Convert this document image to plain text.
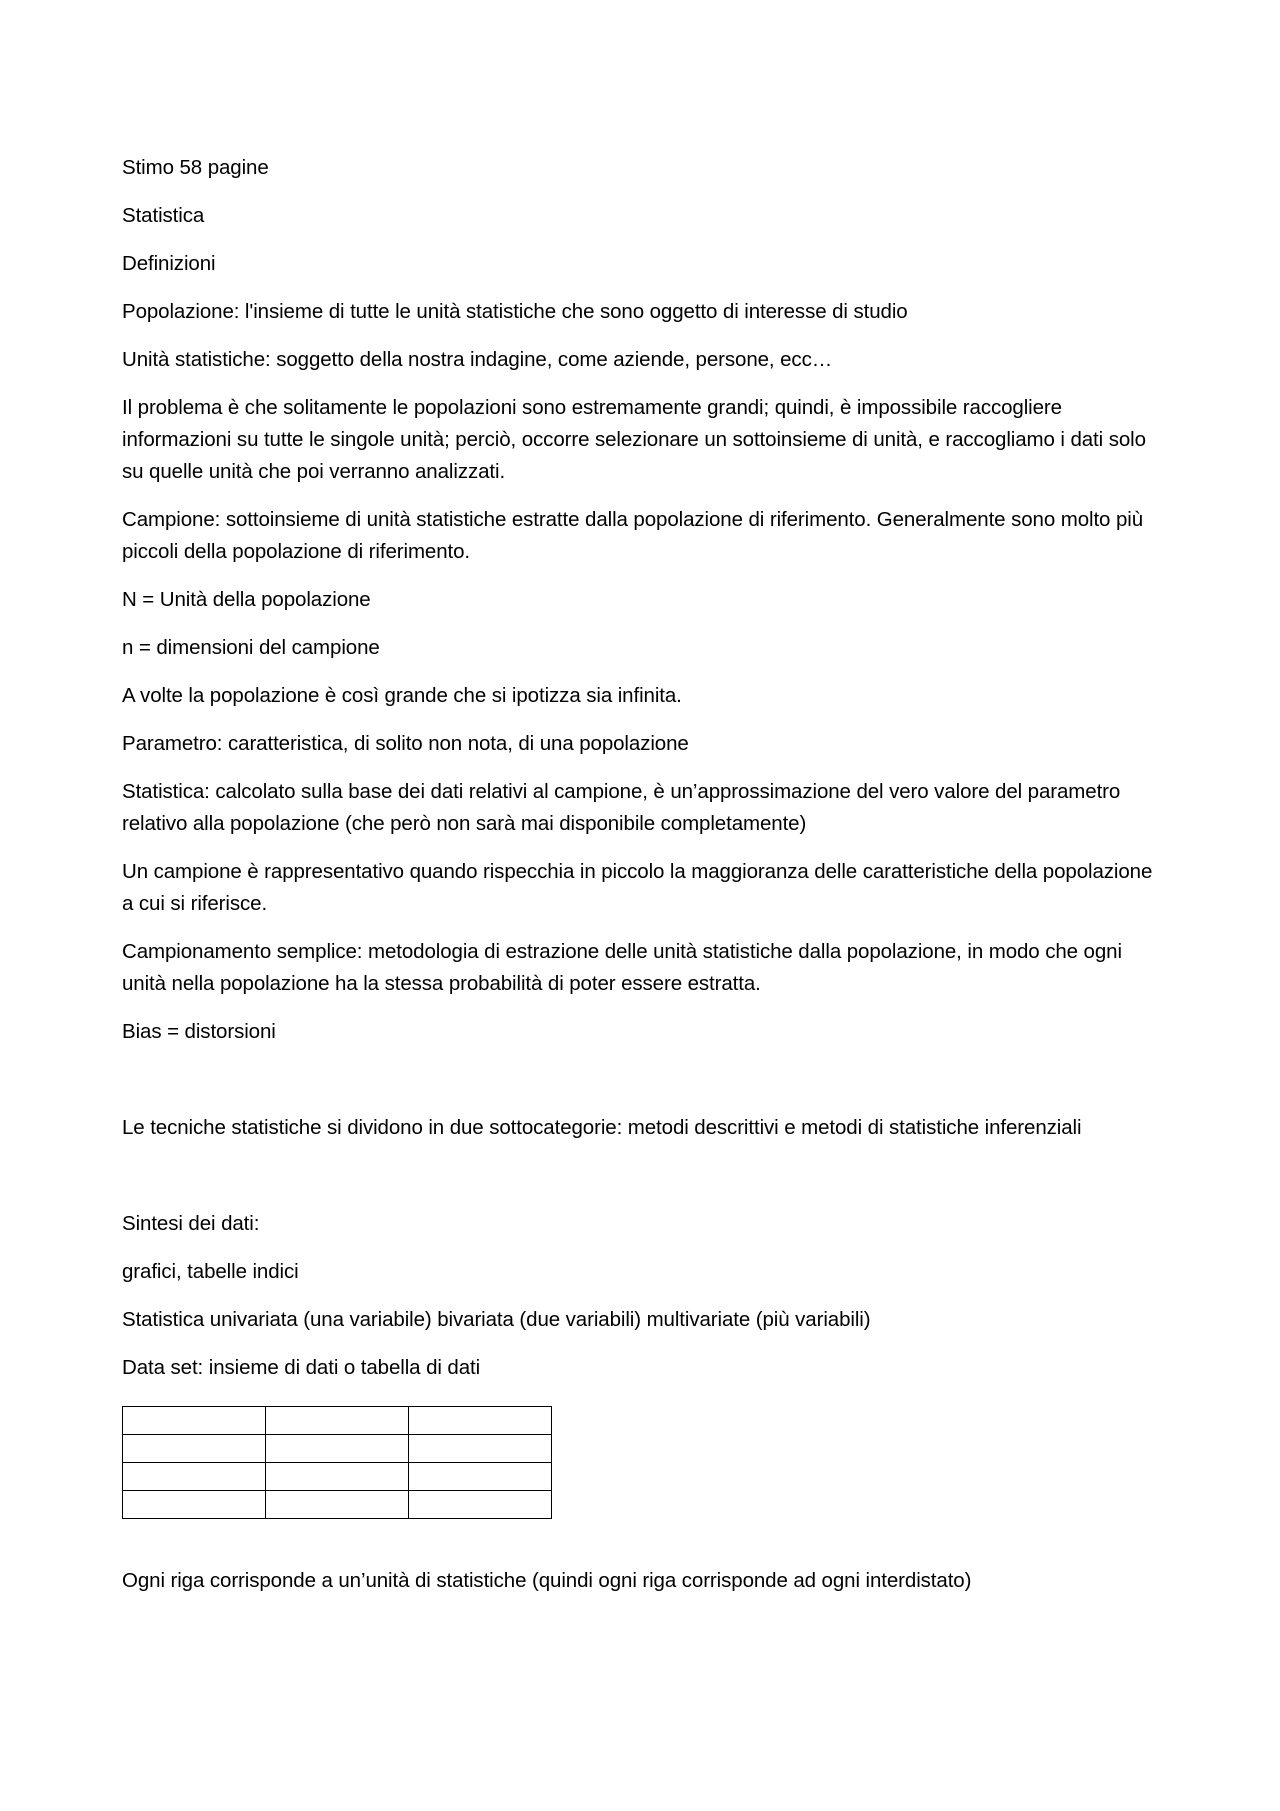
Stimo 58 pagine

Statistica

Definizioni

Popolazione: l'insieme di tutte le unità statistiche che sono oggetto di interesse di studio

Unità statistiche: soggetto della nostra indagine, come aziende, persone, ecc…

Il problema è che solitamente le popolazioni sono estremamente grandi; quindi, è impossibile raccogliere informazioni su tutte le singole unità; perciò, occorre selezionare un sottoinsieme di unità, e raccogliamo i dati solo su quelle unità che poi verranno analizzati.

Campione: sottoinsieme di unità statistiche estratte dalla popolazione di riferimento. Generalmente sono molto più piccoli della popolazione di riferimento.

N = Unità della popolazione

n = dimensioni del campione

A volte la popolazione è così grande che si ipotizza sia infinita.

Parametro: caratteristica, di solito non nota, di una popolazione

Statistica: calcolato sulla base dei dati relativi al campione, è un’approssimazione del vero valore del parametro relativo alla popolazione (che però non sarà mai disponibile completamente)

Un campione è rappresentativo quando rispecchia in piccolo la maggioranza delle caratteristiche della popolazione a cui si riferisce.

Campionamento semplice: metodologia di estrazione delle unità statistiche dalla popolazione, in modo che ogni unità nella popolazione ha la stessa probabilità di poter essere estratta.

Bias = distorsioni

Le tecniche statistiche si dividono in due sottocategorie: metodi descrittivi e metodi di statistiche inferenziali

Sintesi dei dati:

grafici, tabelle indici

Statistica univariata (una variabile) bivariata (due variabili) multivariate (più variabili)

Data set: insieme di dati o tabella di dati

Ogni riga corrisponde a un’unità di statistiche (quindi ogni riga corrisponde ad ogni interdistato)
